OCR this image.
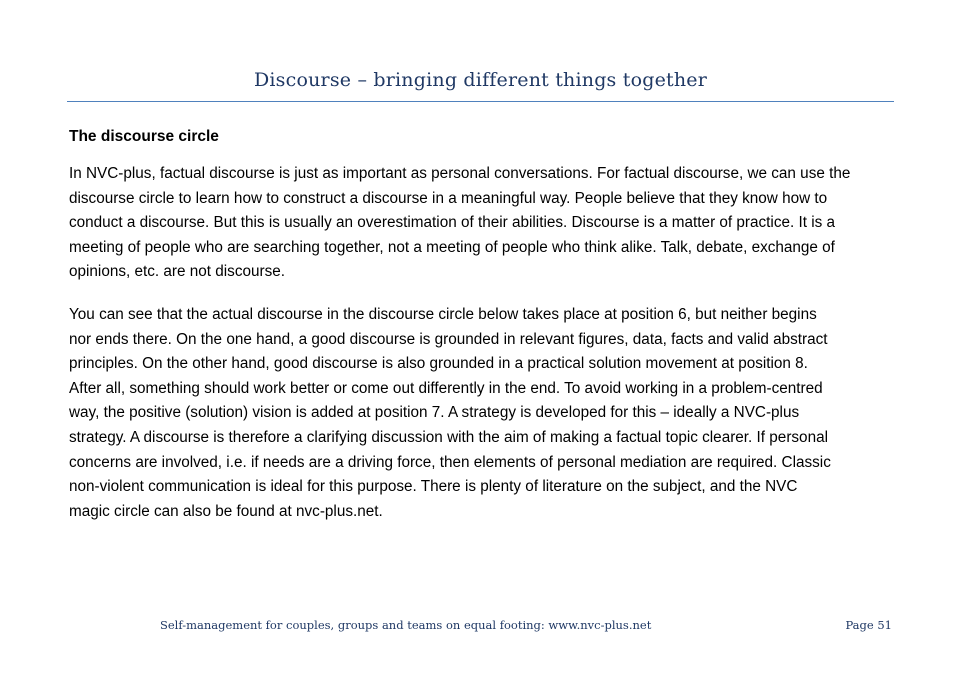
Discourse – bringing different things together
The discourse circle
In NVC-plus, factual discourse is just as important as personal conversations. For factual discourse, we can use the
discourse circle to learn how to construct a discourse in a meaningful way. People believe that they know how to
conduct a discourse. But this is usually an overestimation of their abilities. Discourse is a matter of practice. It is a
meeting of people who are searching together, not a meeting of people who think alike. Talk, debate, exchange of
opinions, etc. are not discourse.
You can see that the actual discourse in the discourse circle below takes place at position 6, but neither begins
nor ends there. On the one hand, a good discourse is grounded in relevant figures, data, facts and valid abstract
principles. On the other hand, good discourse is also grounded in a practical solution movement at position 8.
After all, something should work better or come out differently in the end. To avoid working in a problem-centred
way, the positive (solution) vision is added at position 7. A strategy is developed for this – ideally a NVC-plus
strategy. A discourse is therefore a clarifying discussion with the aim of making a factual topic clearer. If personal
concerns are involved, i.e. if needs are a driving force, then elements of personal mediation are required. Classic
non-violent communication is ideal for this purpose. There is plenty of literature on the subject, and the NVC
magic circle can also be found at nvc-plus.net.
Self-management for couples, groups and teams on equal footing: www.nvc-plus.net	Page 51
